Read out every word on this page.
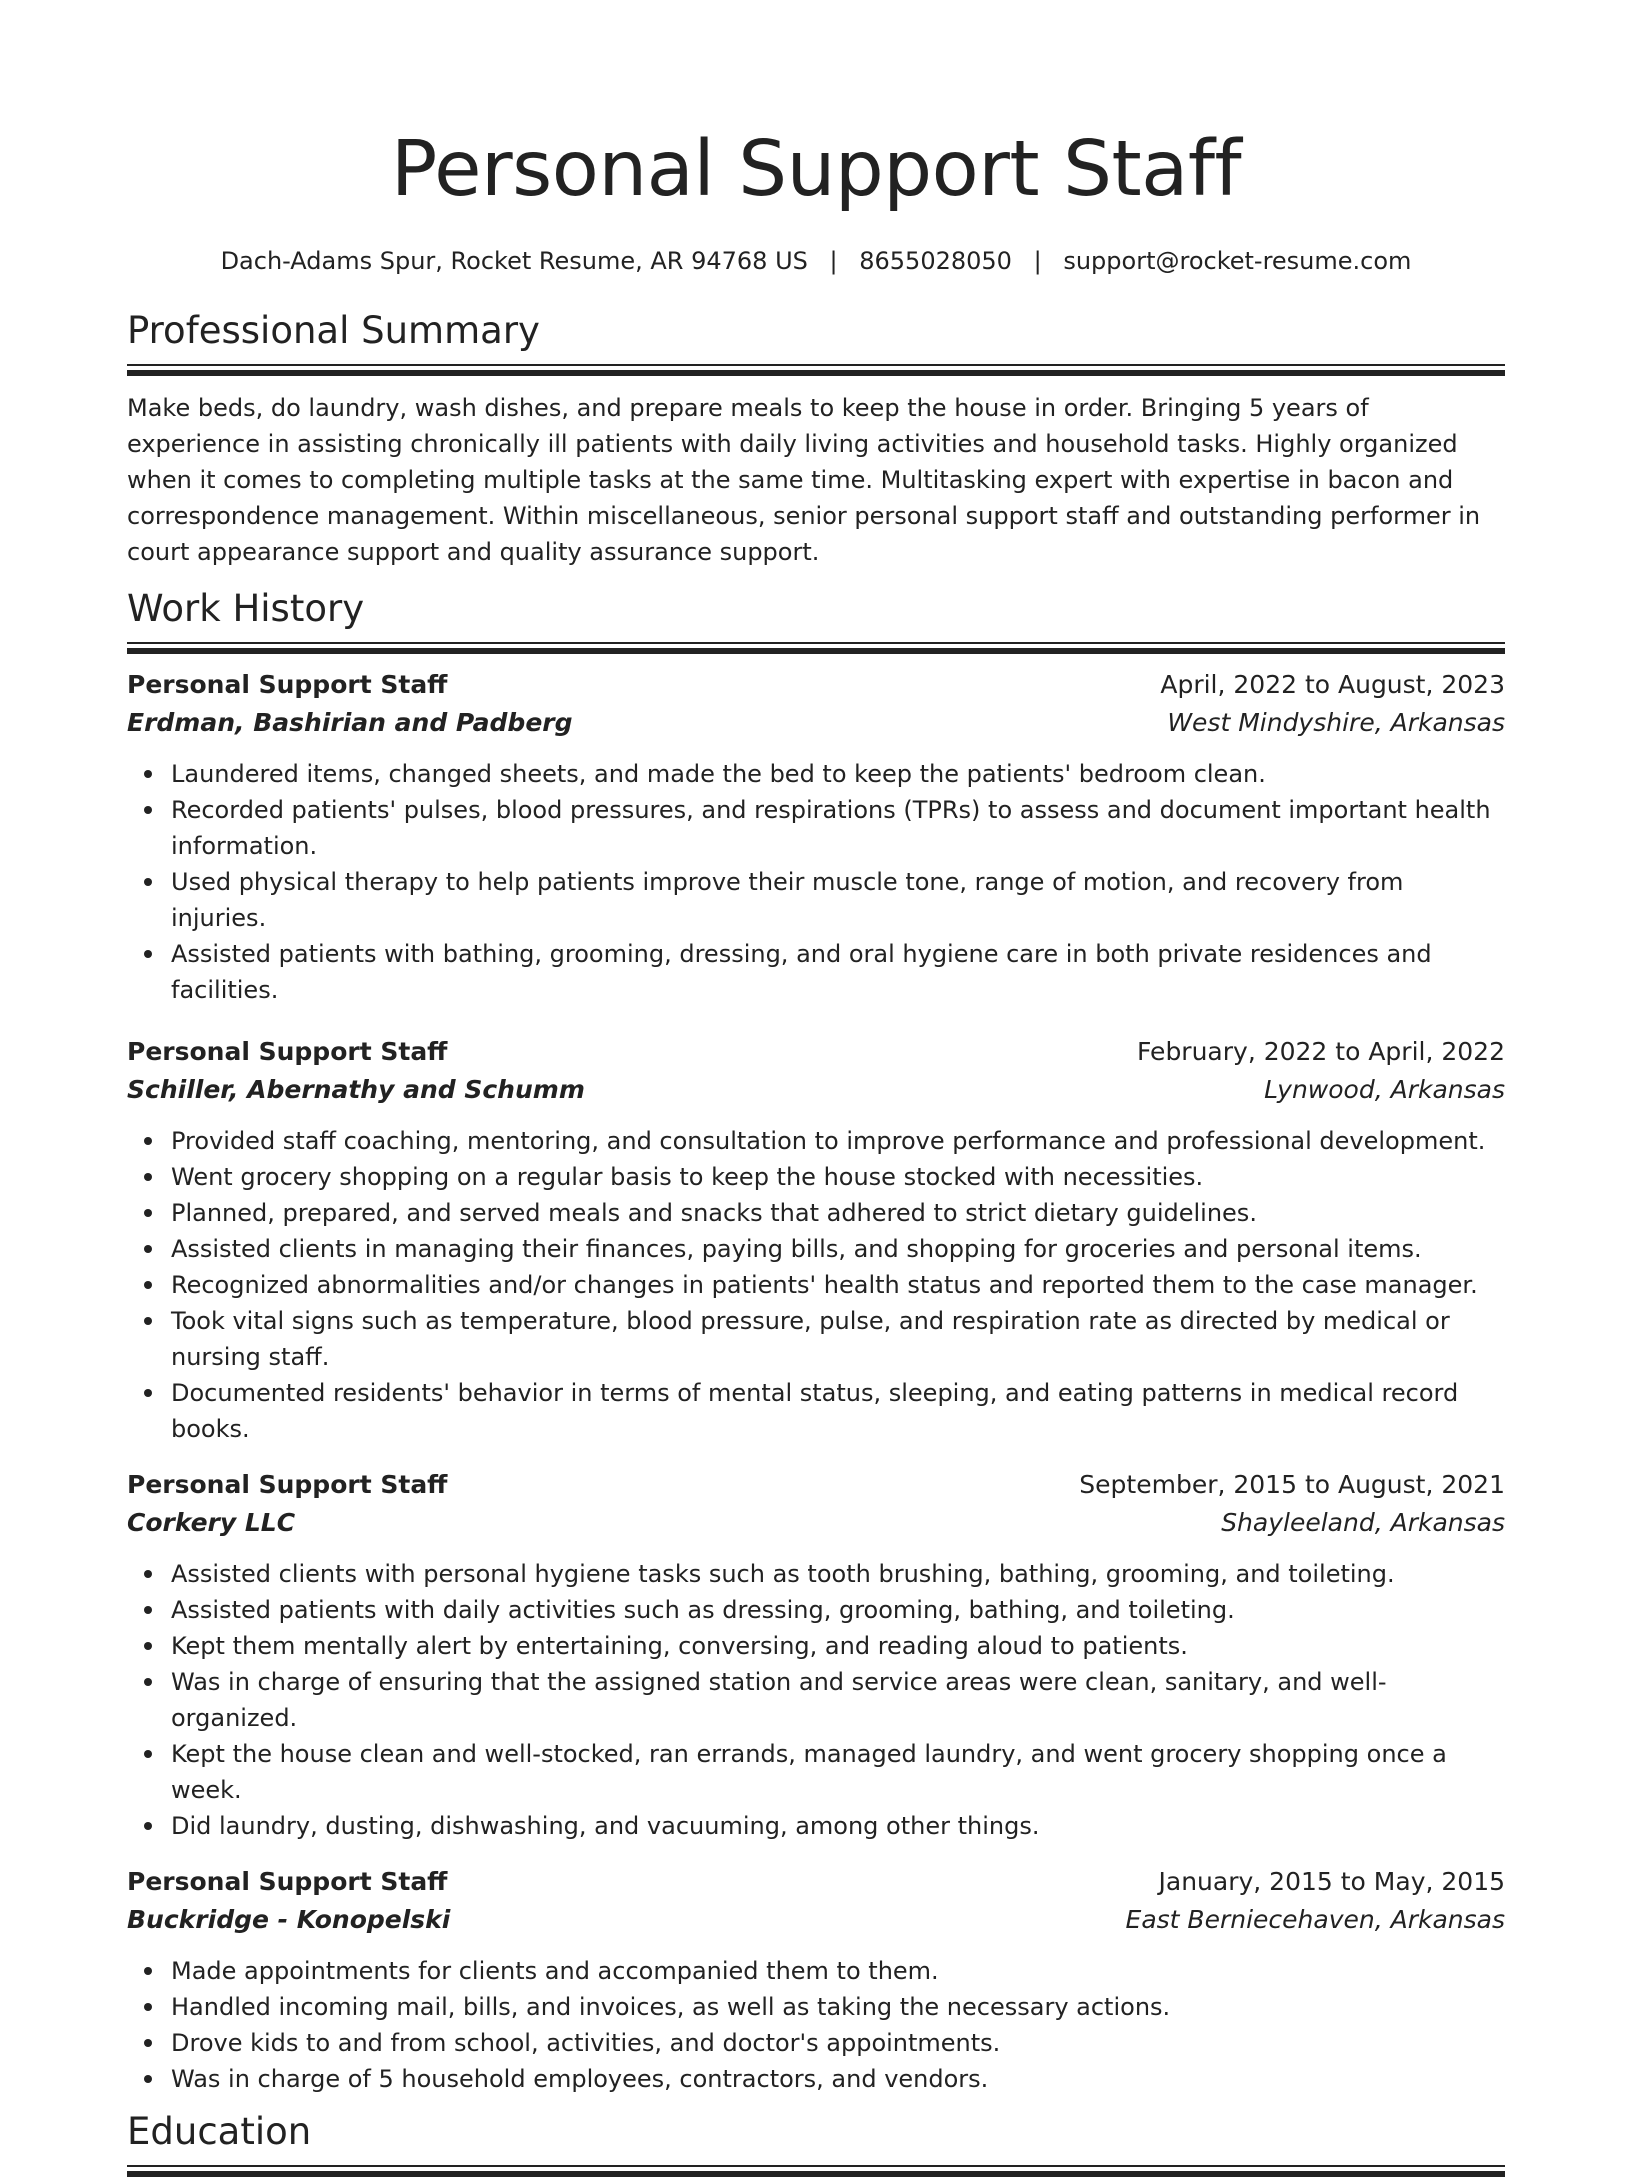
Personal Support Staff
Dach-Adams Spur, Rocket Resume, AR 94768 US | 8655028050 | support@rocket-resume.com
Professional Summary

Make beds, do laundry, wash dishes, and prepare meals to keep the house in order. Bringing 5 years of experience in assisting chronically ill patients with daily living activities and household tasks. Highly organized when it comes to completing multiple tasks at the same time. Multitasking expert with expertise in bacon and correspondence management. Within miscellaneous, senior personal support staff and outstanding performer in court appearance support and quality assurance support.

Work History
Personal Support Staff	April, 2022 to August, 2023
Erdman, Bashirian and Padberg	West Mindyshire, Arkansas
Laundered items, changed sheets, and made the bed to keep the patients' bedroom clean.
Recorded patients' pulses, blood pressures, and respirations (TPRs) to assess and document important health information.
Used physical therapy to help patients improve their muscle tone, range of motion, and recovery from injuries.
Assisted patients with bathing, grooming, dressing, and oral hygiene care in both private residences and facilities.
Personal Support Staff	February, 2022 to April, 2022
Schiller, Abernathy and Schumm	Lynwood, Arkansas
Provided staff coaching, mentoring, and consultation to improve performance and professional development.
Went grocery shopping on a regular basis to keep the house stocked with necessities.
Planned, prepared, and served meals and snacks that adhered to strict dietary guidelines.
Assisted clients in managing their finances, paying bills, and shopping for groceries and personal items.
Recognized abnormalities and/or changes in patients' health status and reported them to the case manager.
Took vital signs such as temperature, blood pressure, pulse, and respiration rate as directed by medical or nursing staff.
Documented residents' behavior in terms of mental status, sleeping, and eating patterns in medical record books.
Personal Support Staff	September, 2015 to August, 2021
Corkery LLC	Shayleeland, Arkansas
Assisted clients with personal hygiene tasks such as tooth brushing, bathing, grooming, and toileting.
Assisted patients with daily activities such as dressing, grooming, bathing, and toileting.
Kept them mentally alert by entertaining, conversing, and reading aloud to patients.
Was in charge of ensuring that the assigned station and service areas were clean, sanitary, and well-organized.
Kept the house clean and well-stocked, ran errands, managed laundry, and went grocery shopping once a week.
Did laundry, dusting, dishwashing, and vacuuming, among other things.
Personal Support Staff	January, 2015 to May, 2015
Buckridge - Konopelski	East Berniecehaven, Arkansas
Made appointments for clients and accompanied them to them.
Handled incoming mail, bills, and invoices, as well as taking the necessary actions.
Drove kids to and from school, activities, and doctor's appointments.
Was in charge of 5 household employees, contractors, and vendors.
Education
